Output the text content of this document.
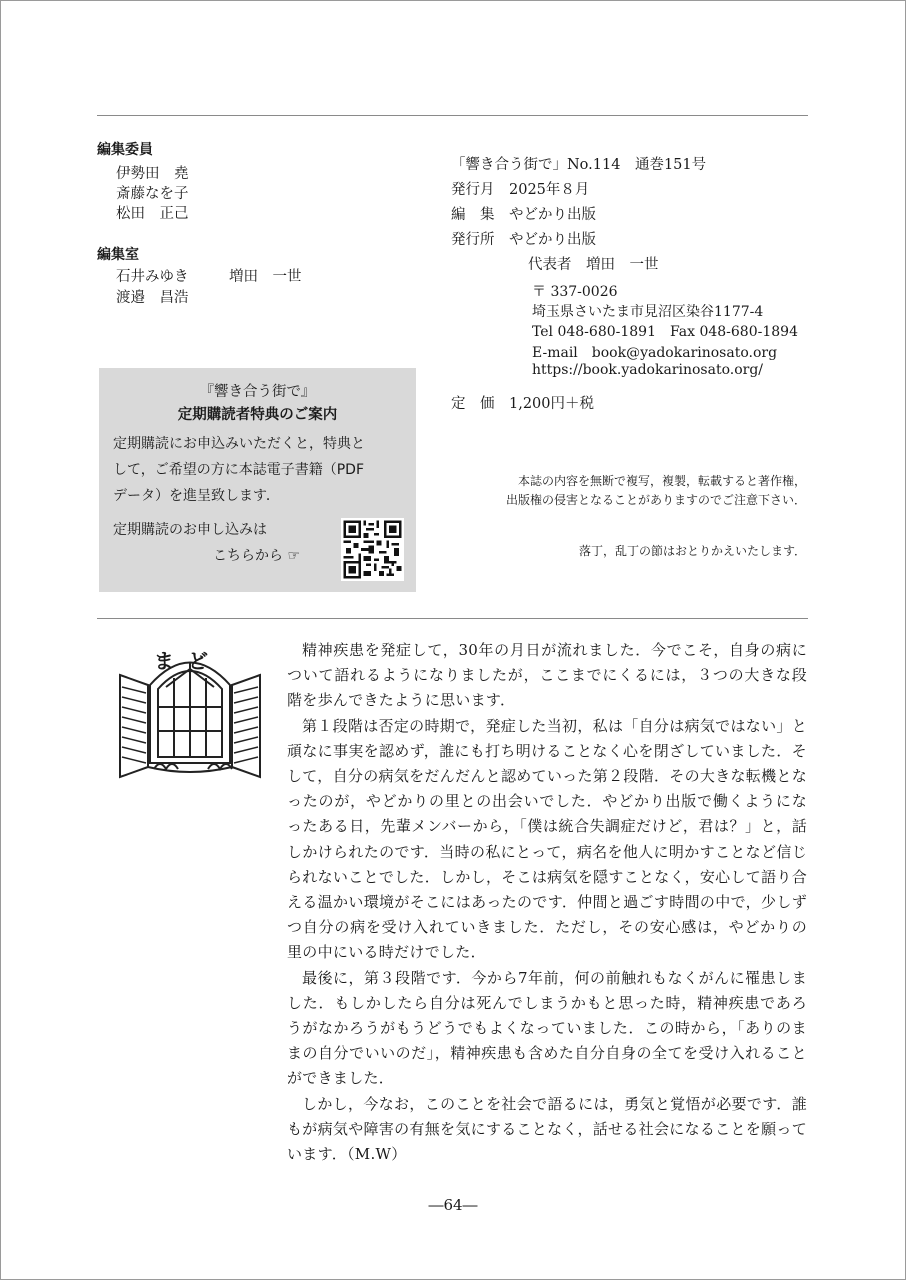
編集委員
伊勢田　堯
斎藤なを子
松田　正己
編集室
石井みゆき	増田　一世
渡邉　昌浩
「響き合う街で」No.114　通巻151号
発行月　2025年８月
編　集　やどかり出版
発行所　やどかり出版
代表者　増田　一世
〒 337-0026
埼玉県さいたま市見沼区染谷1177-4
Tel 048-680-1891　Fax 048-680-1894
E-mail　book@yadokarinosato.org
https://book.yadokarinosato.org/
定　価　1,200円＋税
本誌の内容を無断で複写，複製，転載すると著作権，
出版権の侵害となることがありますのでご注意下さい．
落丁，乱丁の節はおとりかえいたします．
『響き合う街で』
定期購読者特典のご案内
定期購読にお申込みいただくと，特典と
して，ご希望の方に本誌電子書籍（PDF
データ）を進呈致します．
定期購読のお申し込みは
こちらから ☞
まど	精神疾患を発症して，30年の月日が流れました．今でこそ，自身の病について語れるようになりましたが，ここまでにくるには，３つの大きな段階を歩んできたように思います．

第１段階は否定の時期で，発症した当初，私は「自分は病気ではない」と頑なに事実を認めず，誰にも打ち明けることなく心を閉ざしていました．そして，自分の病気をだんだんと認めていった第２段階．その大きな転機となったのが，やどかりの里との出会いでした．やどかり出版で働くようになったある日，先輩メンバーから，「僕は統合失調症だけど，君は？」と，話しかけられたのです．当時の私にとって，病名を他人に明かすことなど信じられないことでした．しかし，そこは病気を隠すことなく，安心して語り合える温かい環境がそこにはあったのです．仲間と過ごす時間の中で，少しずつ自分の病を受け入れていきました．ただし，その安心感は，やどかりの里の中にいる時だけでした．

最後に，第３段階です．今から7年前，何の前触れもなくがんに罹患しました．もしかしたら自分は死んでしまうかもと思った時，精神疾患であろうがなかろうがもうどうでもよくなっていました．この時から，「ありのままの自分でいいのだ」，精神疾患も含めた自分自身の全てを受け入れることができました．

しかし，今なお，このことを社会で語るには，勇気と覚悟が必要です．誰もが病気や障害の有無を気にすることなく，話せる社会になることを願っています．（M.W）

―64―
